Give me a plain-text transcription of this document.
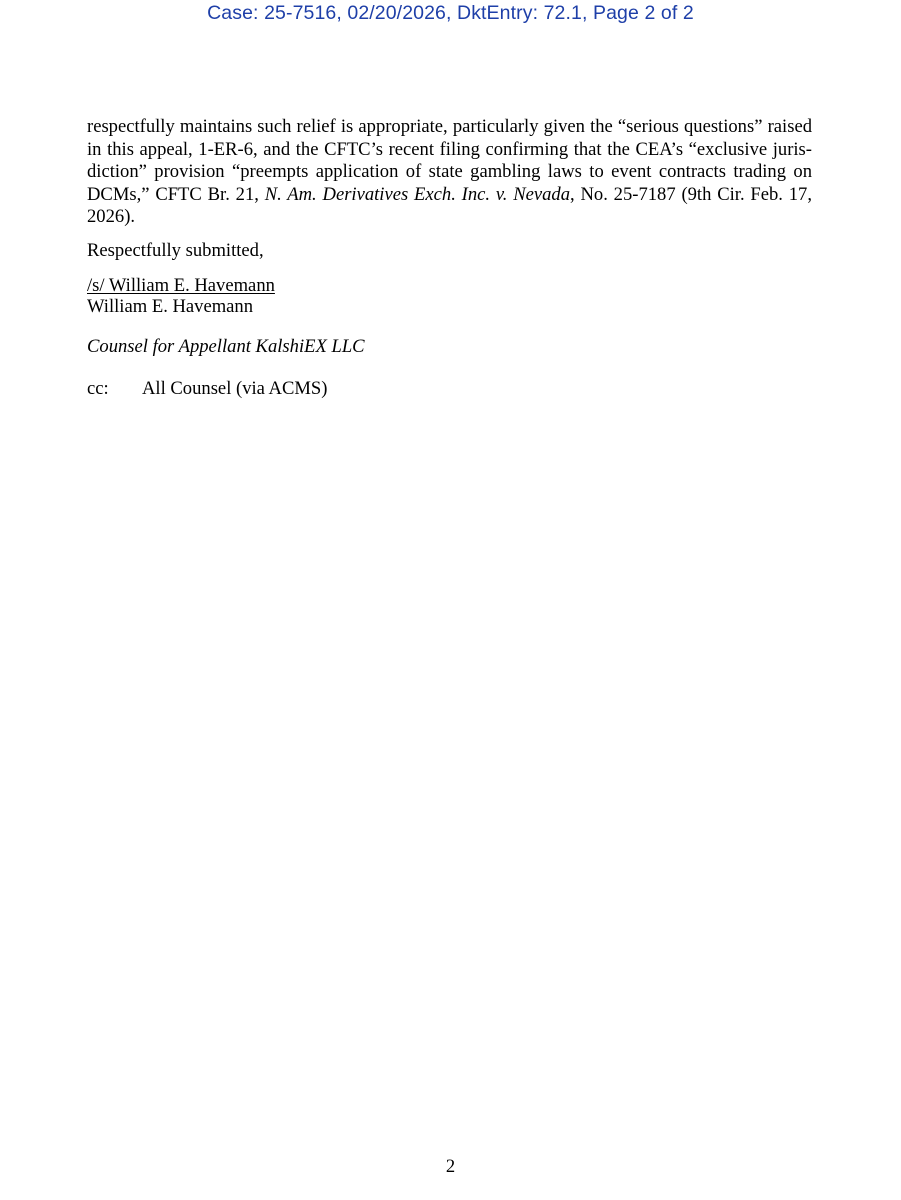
Case: 25-7516, 02/20/2026, DktEntry: 72.1, Page 2 of 2
respectfully maintains such relief is appropriate, particularly given the “serious questions” raised in this appeal, 1-ER-6, and the CFTC’s recent filing confirming that the CEA’s “exclusive jurisdiction” provision “preempts application of state gambling laws to event contracts trading on DCMs,” CFTC Br. 21, N. Am. Derivatives Exch. Inc. v. Nevada, No. 25-7187 (9th Cir. Feb. 17, 2026).
Respectfully submitted,
/s/ William E. Havemann
William E. Havemann
Counsel for Appellant KalshiEX LLC
cc: All Counsel (via ACMS)
2
